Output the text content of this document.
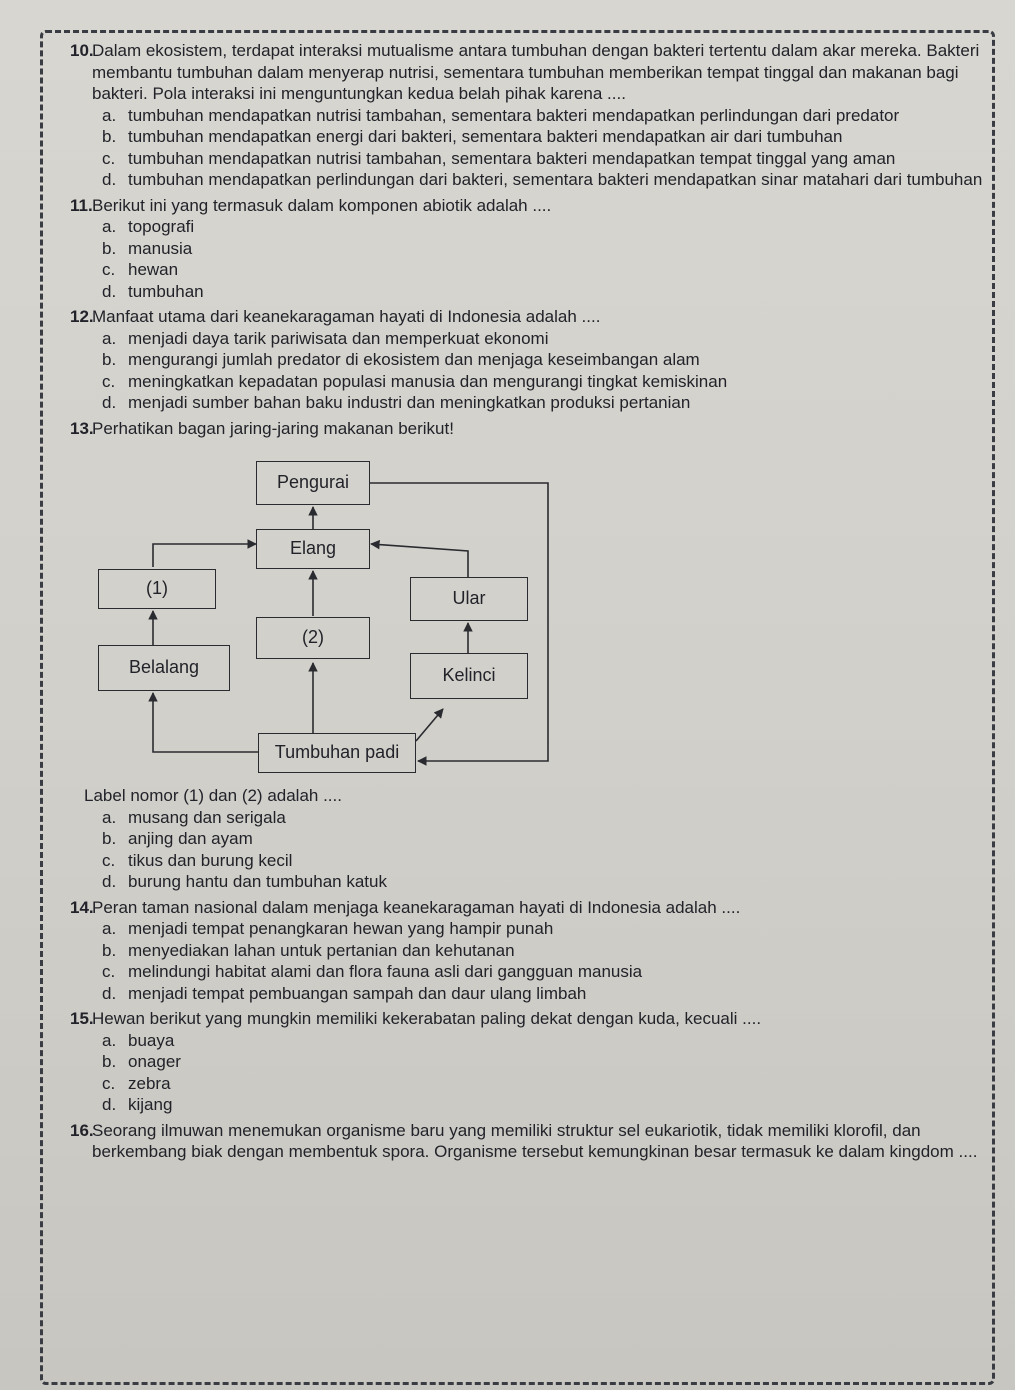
10.
Dalam ekosistem, terdapat interaksi mutualisme antara tumbuhan dengan bakteri tertentu dalam akar mereka. Bakteri membantu tumbuhan dalam menyerap nutrisi, sementara tumbuhan memberikan tempat tinggal dan makanan bagi bakteri. Pola interaksi ini menguntungkan kedua belah pihak karena ....
a. tumbuhan mendapatkan nutrisi tambahan, sementara bakteri mendapatkan perlindungan dari predator
b. tumbuhan mendapatkan energi dari bakteri, sementara bakteri mendapatkan air dari tumbuhan
c. tumbuhan mendapatkan nutrisi tambahan, sementara bakteri mendapatkan tempat tinggal yang aman
d. tumbuhan mendapatkan perlindungan dari bakteri, sementara bakteri mendapatkan sinar matahari dari tumbuhan
11. Berikut ini yang termasuk dalam komponen abiotik adalah ....
a. topografi
b. manusia
c. hewan
d. tumbuhan
12.
Manfaat utama dari keanekaragaman hayati di Indonesia adalah ....
a. menjadi daya tarik pariwisata dan memperkuat ekonomi
b. mengurangi jumlah predator di ekosistem dan menjaga keseimbangan alam
c. meningkatkan kepadatan populasi manusia dan mengurangi tingkat kemiskinan
d. menjadi sumber bahan baku industri dan meningkatkan produksi pertanian
13.
Perhatikan bagan jaring-jaring makanan berikut!
Pengurai
Elang
(1)	Ular
(2)
Belalang	Kelinci
Tumbuhan padi
Label nomor (1) dan (2) adalah ....
a. musang dan serigala
b. anjing dan ayam
c. tikus dan burung kecil
d. burung hantu dan tumbuhan katuk
14.
Peran taman nasional dalam menjaga keanekaragaman hayati di Indonesia adalah ....
a. menjadi tempat penangkaran hewan yang hampir punah
b. menyediakan lahan untuk pertanian dan kehutanan
c. melindungi habitat alami dan flora fauna asli dari gangguan manusia
d. menjadi tempat pembuangan sampah dan daur ulang limbah
15.
Hewan berikut yang mungkin memiliki kekerabatan paling dekat dengan kuda, kecuali ....
a. buaya
b. onager
c. zebra
d. kijang
16.
Seorang ilmuwan menemukan organisme baru yang memiliki struktur sel eukariotik, tidak memiliki klorofil, dan berkembang biak dengan membentuk spora. Organisme tersebut kemungkinan besar termasuk ke dalam kingdom ....
